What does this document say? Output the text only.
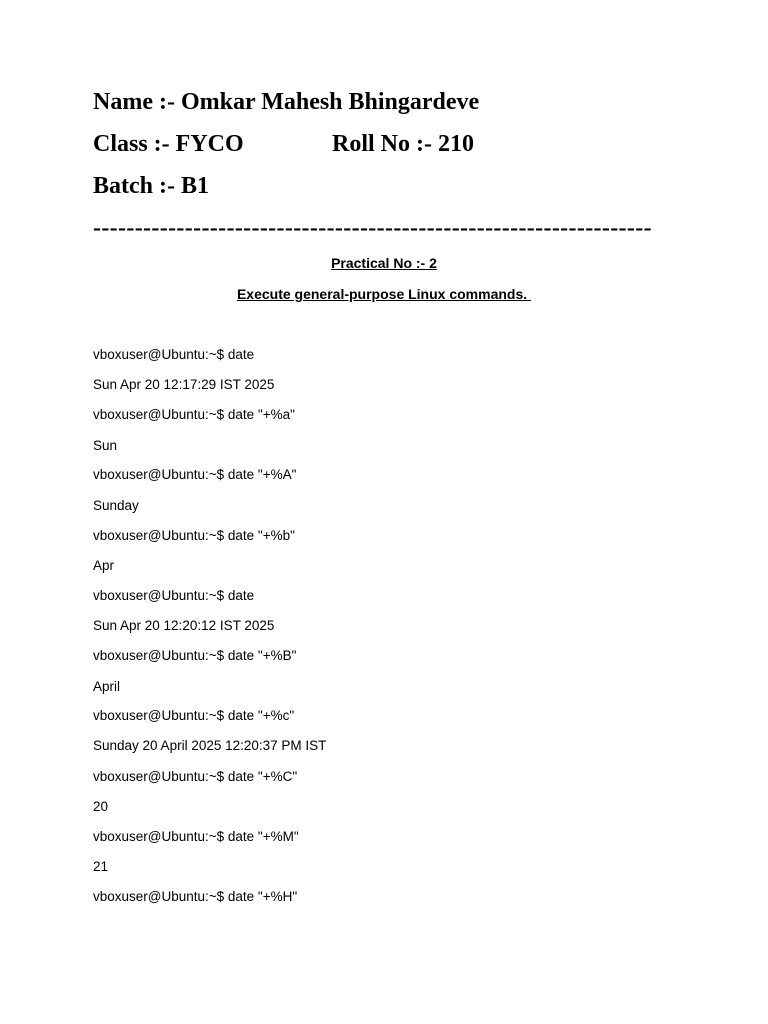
Name :- Omkar Mahesh Bhingardeve
Class :- FYCO	Roll No :- 210
Batch :- B1
-------------------------------------------------------------------
Practical No :- 2
Execute general-purpose Linux commands.
vboxuser@Ubuntu:~$ date
Sun Apr 20 12:17:29 IST 2025
vboxuser@Ubuntu:~$ date "+%a"
Sun
vboxuser@Ubuntu:~$ date "+%A"
Sunday
vboxuser@Ubuntu:~$ date "+%b"
Apr
vboxuser@Ubuntu:~$ date
Sun Apr 20 12:20:12 IST 2025
vboxuser@Ubuntu:~$ date "+%B"
April
vboxuser@Ubuntu:~$ date "+%c"
Sunday 20 April 2025 12:20:37 PM IST
vboxuser@Ubuntu:~$ date "+%C"
20
vboxuser@Ubuntu:~$ date "+%M"
21
vboxuser@Ubuntu:~$ date "+%H"
